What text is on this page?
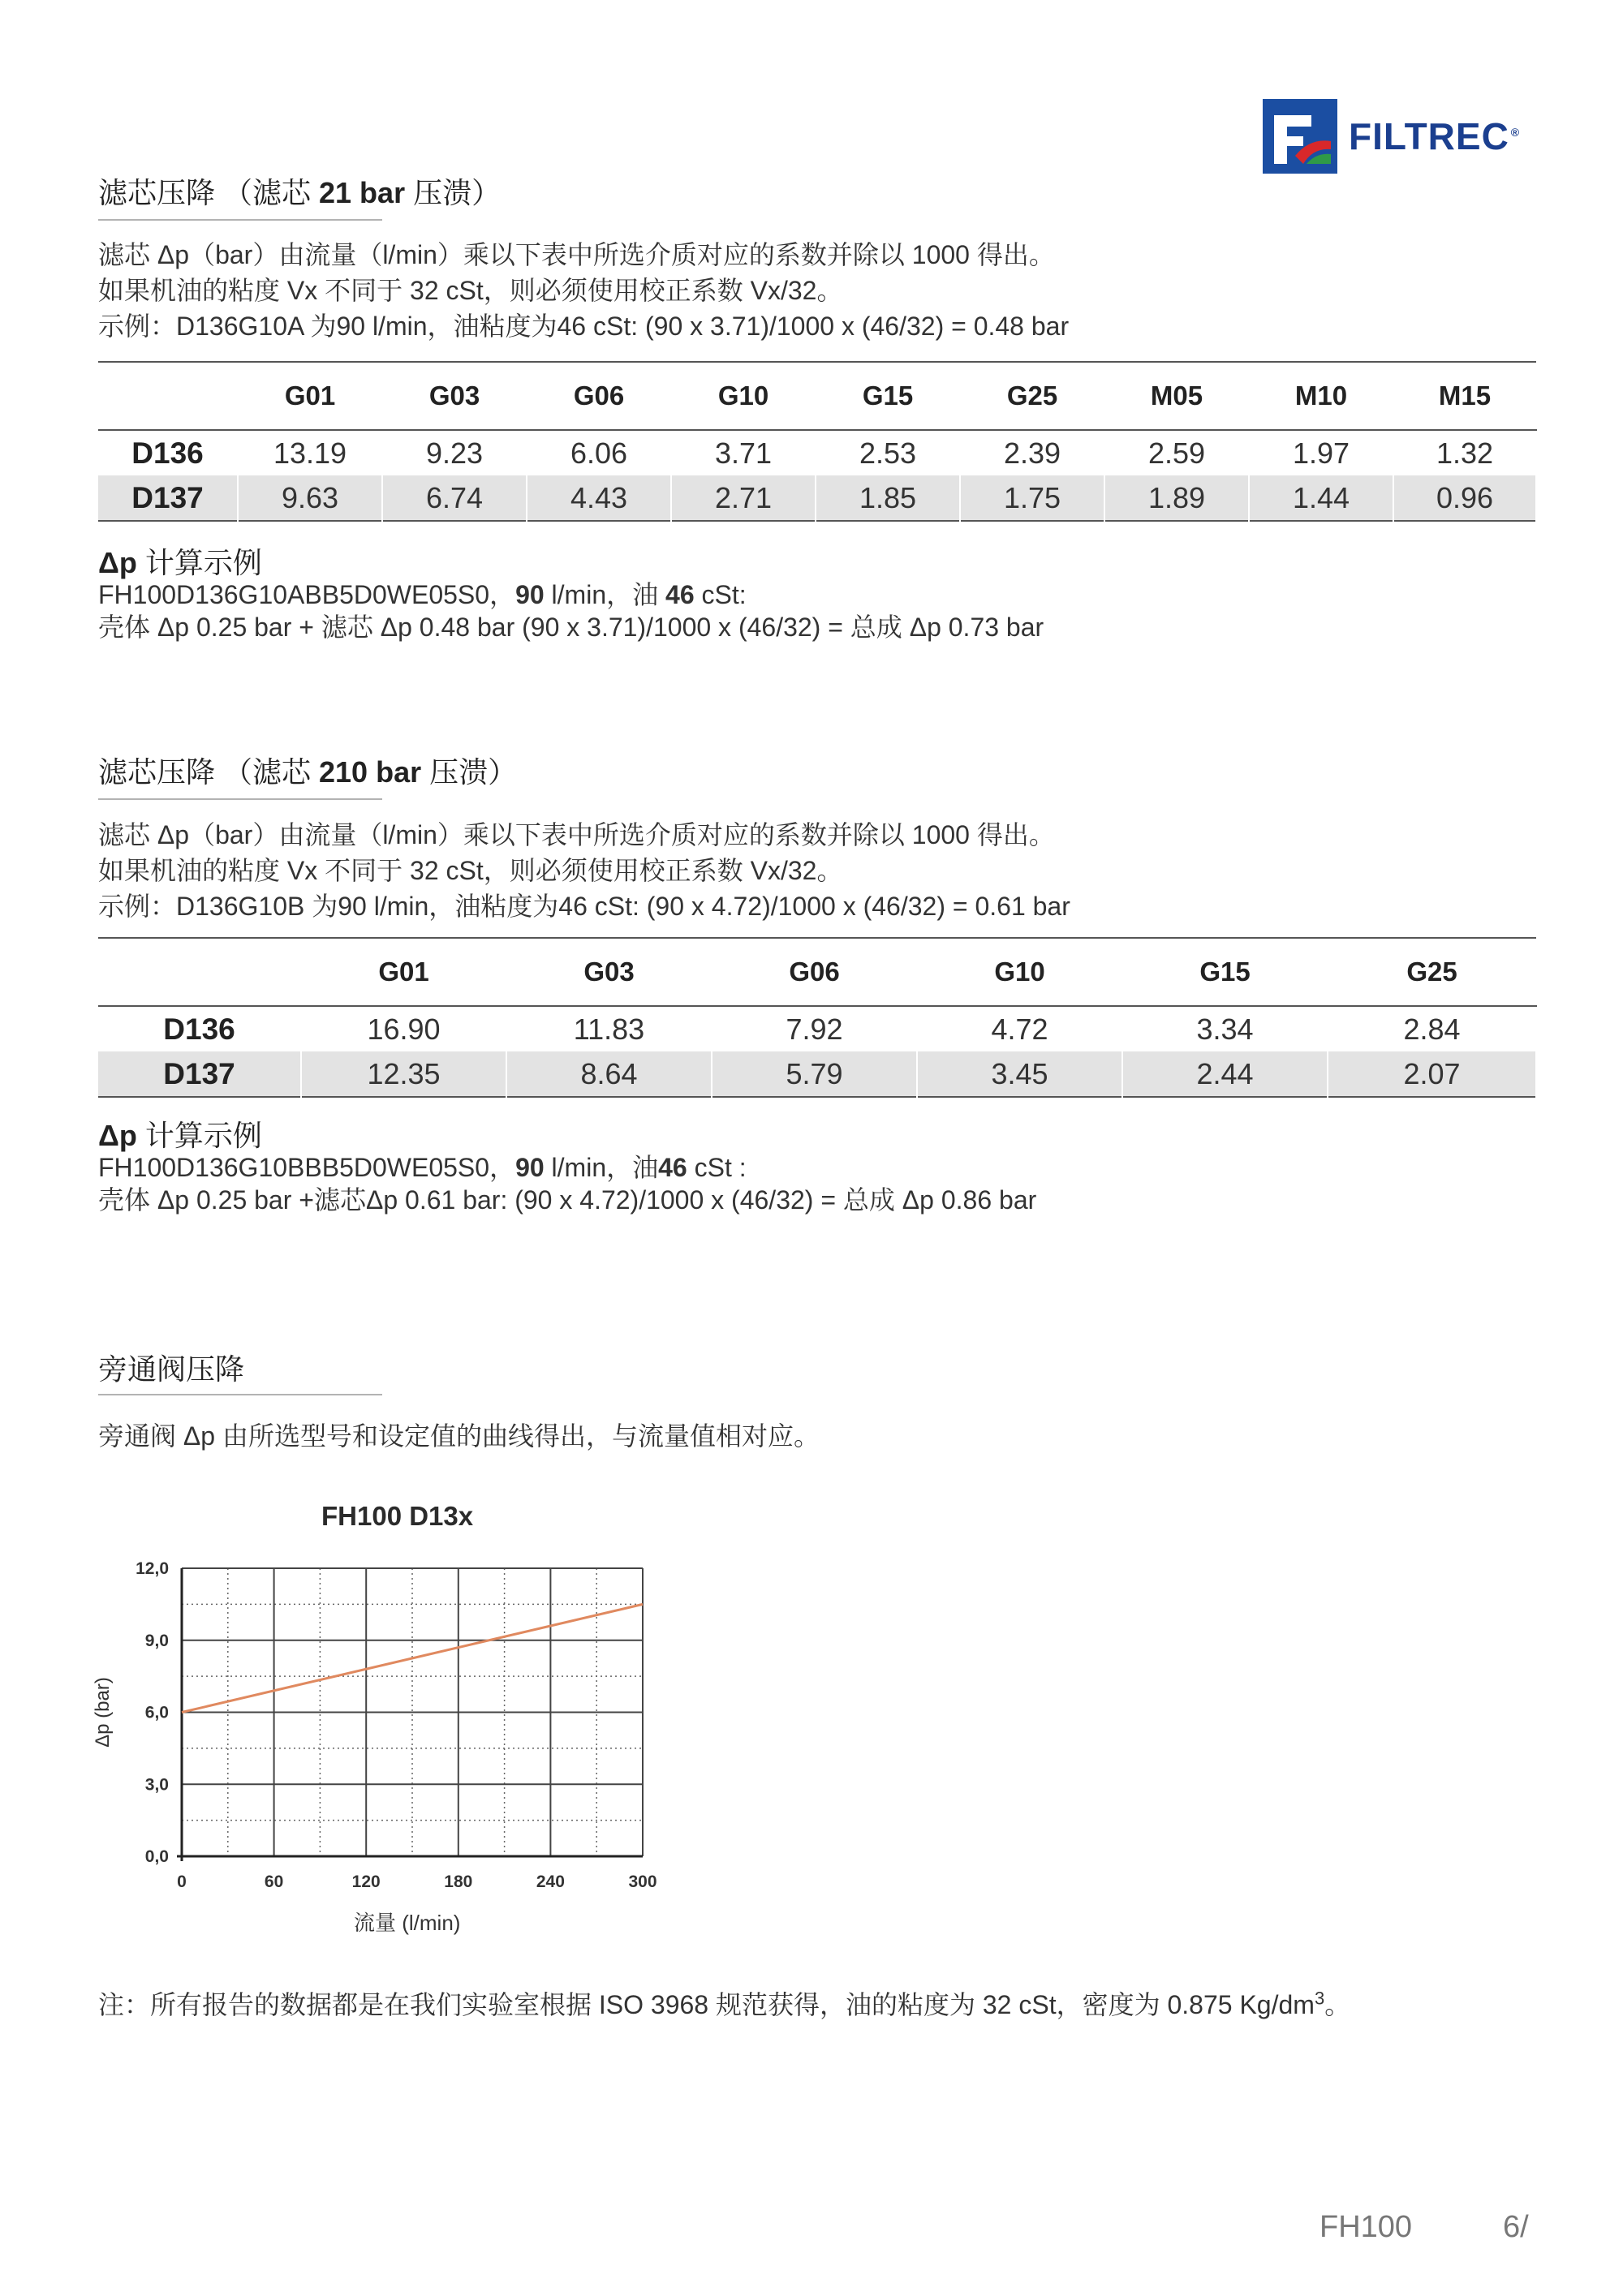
FILTREC ®
滤芯压降 （滤芯 21 bar 压溃）
滤芯 Δp（bar）由流量（l/min）乘以下表中所选介质对应的系数并除以 1000 得出。
如果机油的粘度 Vx 不同于 32 cSt，则必须使用校正系数 Vx/32。
示例：D136G10A 为90 l/min，油粘度为46 cSt: (90 x 3.71)/1000 x (46/32) = 0.48 bar
	G01	G03	G06	G10	G15	G25	M05	M10	M15
D136	13.19	9.23	6.06	3.71	2.53	2.39	2.59	1.97	1.32
D137	9.63	6.74	4.43	2.71	1.85	1.75	1.89	1.44	0.96
Δp 计算示例
FH100D136G10ABB5D0WE05S0，90 l/min，油 46 cSt:
壳体 Δp 0.25 bar + 滤芯 Δp 0.48 bar (90 x 3.71)/1000 x (46/32) = 总成 Δp 0.73 bar
滤芯压降 （滤芯 210 bar 压溃）
滤芯 Δp（bar）由流量（l/min）乘以下表中所选介质对应的系数并除以 1000 得出。
如果机油的粘度 Vx 不同于 32 cSt，则必须使用校正系数 Vx/32。
示例：D136G10B 为90 l/min，油粘度为46 cSt: (90 x 4.72)/1000 x (46/32) = 0.61 bar
	G01	G03	G06	G10	G15	G25
D136	16.90	11.83	7.92	4.72	3.34	2.84
D137	12.35	8.64	5.79	3.45	2.44	2.07
Δp 计算示例
FH100D136G10BBB5D0WE05S0，90 l/min，油46 cSt :
壳体 Δp 0.25 bar +滤芯Δp 0.61 bar: (90 x 4.72)/1000 x (46/32) = 总成 Δp 0.86 bar
旁通阀压降
旁通阀 Δp 由所选型号和设定值的曲线得出，与流量值相对应。
FH100 D13x
0	60	120	180	240	300
0,0
3,0
6,0
9,0
12,0
Δp (bar)
流量 (l/min)
注：所有报告的数据都是在我们实验室根据 ISO 3968 规范获得，油的粘度为 32 cSt，密度为 0.875 $Kg/dm^3$。
FH100	6/
